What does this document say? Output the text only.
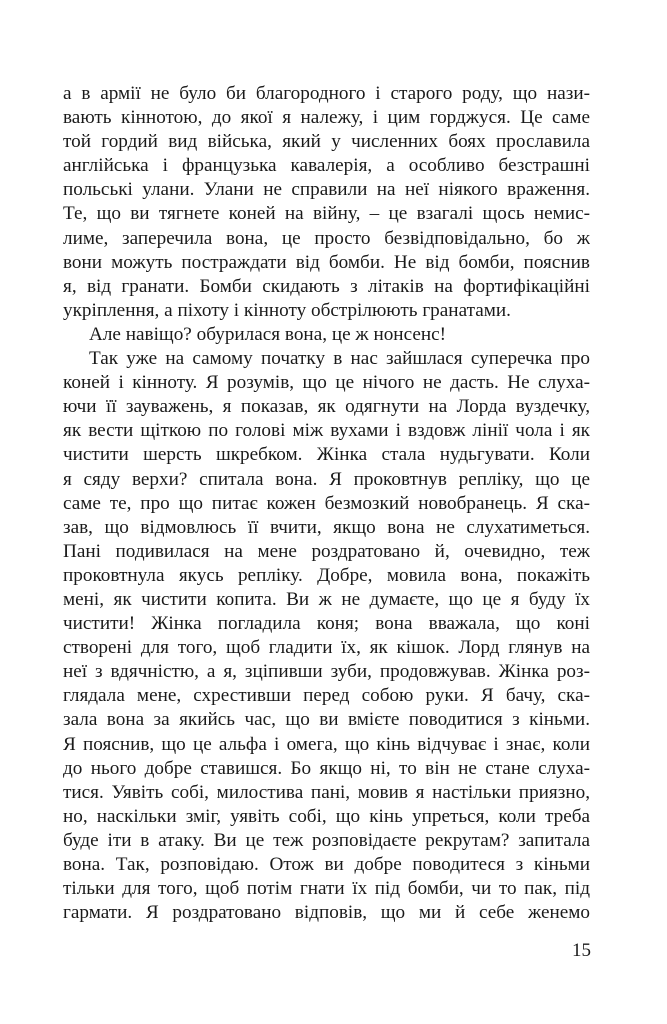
а в армії не було би благородного і старого роду, що нази-
вають кіннотою, до якої я належу, і цим горджуся. Це саме
той гордий вид війська, який у численних боях прославила
англійська і французька кавалерія, а особливо безстрашні
польські улани. Улани не справили на неї ніякого враження.
Те, що ви тягнете коней на війну, – це взагалі щось немис-
лиме, заперечила вона, це просто безвідповідально, бо ж
вони можуть постраждати від бомби. Не від бомби, пояснив
я, від гранати. Бомби скидають з літаків на фортифікаційні
укріплення, а піхоту і кінноту обстрілюють гранатами.
Але навіщо? обурилася вона, це ж нонсенс!
Так уже на самому початку в нас зайшлася суперечка про
коней і кінноту. Я розумів, що це нічого не дасть. Не слуха-
ючи її зауважень, я показав, як одягнути на Лорда вуздечку,
як вести щіткою по голові між вухами і вздовж лінії чола і як
чистити шерсть шкребком. Жінка стала нудьгувати. Коли
я сяду верхи? спитала вона. Я проковтнув репліку, що це
саме те, про що питає кожен безмозкий новобранець. Я ска-
зав, що відмовлюсь її вчити, якщо вона не слухатиметься.
Пані подивилася на мене роздратовано й, очевидно, теж
проковтнула якусь репліку. Добре, мовила вона, покажіть
мені, як чистити копита. Ви ж не думаєте, що це я буду їх
чистити! Жінка погладила коня; вона вважала, що коні
створені для того, щоб гладити їх, як кішок. Лорд глянув на
неї з вдячністю, а я, зціпивши зуби, продовжував. Жінка роз-
глядала мене, схрестивши перед собою руки. Я бачу, ска-
зала вона за якийсь час, що ви вмієте поводитися з кіньми.
Я пояснив, що це альфа і омега, що кінь відчуває і знає, коли
до нього добре ставишся. Бо якщо ні, то він не стане слуха-
тися. Уявіть собі, милостива пані, мовив я настільки приязно,
но, наскільки зміг, уявіть собі, що кінь упреться, коли треба
буде іти в атаку. Ви це теж розповідаєте рекрутам? запитала
вона. Так, розповідаю. Отож ви добре поводитеся з кіньми
тільки для того, щоб потім гнати їх під бомби, чи то пак, під
гармати. Я роздратовано відповів, що ми й себе женемо
15
